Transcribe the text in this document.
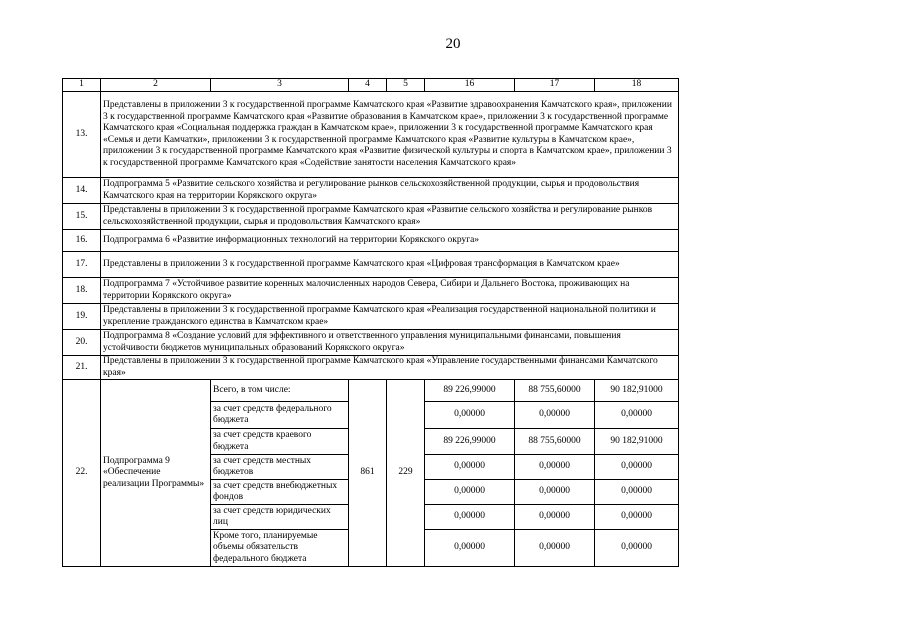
20
1	2	3	4	5	16	17	18
13.	Представлены в приложении 3 к государственной программе Камчатского края «Развитие здравоохранения Камчатского края», приложении 3 к государственной программе Камчатского края «Развитие образования в Камчатском крае», приложении 3 к государственной программе Камчатского края «Социальная поддержка граждан в Камчатском крае», приложении 3 к государственной программе Камчатского края «Семья и дети Камчатки», приложении 3 к государственной программе Камчатского края «Развитие культуры в Камчатском крае», приложении 3 к государственной программе Камчатского края «Развитие физической культуры и спорта в Камчатском крае», приложении 3 к государственной программе Камчатского края «Содействие занятости населения Камчатского края»						
14.	Подпрограмма 5 «Развитие сельского хозяйства и регулирование рынков сельскохозяйственной продукции, сырья и продовольствия Камчатского края на территории Корякского округа»						
15.	Представлены в приложении 3 к государственной программе Камчатского края «Развитие сельского хозяйства и регулирование рынков сельскохозяйственной продукции, сырья и продовольствия Камчатского края»						
16.	Подпрограмма 6 «Развитие информационных технологий на территории Корякского округа»						
17.	Представлены в приложении 3 к государственной программе Камчатского края «Цифровая трансформация в Камчатском крае»						
18.	Подпрограмма 7 «Устойчивое развитие коренных малочисленных народов Севера, Сибири и Дальнего Востока, проживающих на территории Корякского округа»						
19.	Представлены в приложении 3 к государственной программе Камчатского края «Реализация государственной национальной политики и укрепление гражданского единства в Камчатском крае»						
20.	Подпрограмма 8 «Создание условий для эффективного и ответственного управления муниципальными финансами, повышения устойчивости бюджетов муниципальных образований Корякского округа»						
21.	Представлены в приложении 3 к государственной программе Камчатского края «Управление государственными финансами Камчатского края»						
22.	Подпрограмма 9 «Обеспечение реализации Программы»	Всего, в том числе:	861	229	89 226,99000	88 755,60000	90 182,91000
		за счет средств федерального бюджета			0,00000	0,00000	0,00000
		за счет средств краевого бюджета			89 226,99000	88 755,60000	90 182,91000
		за счет средств местных бюджетов			0,00000	0,00000	0,00000
		за счет средств внебюджетных фондов			0,00000	0,00000	0,00000
		за счет средств юридических лиц			0,00000	0,00000	0,00000
		Кроме того, планируемые объемы обязательств федерального бюджета			0,00000	0,00000	0,00000
